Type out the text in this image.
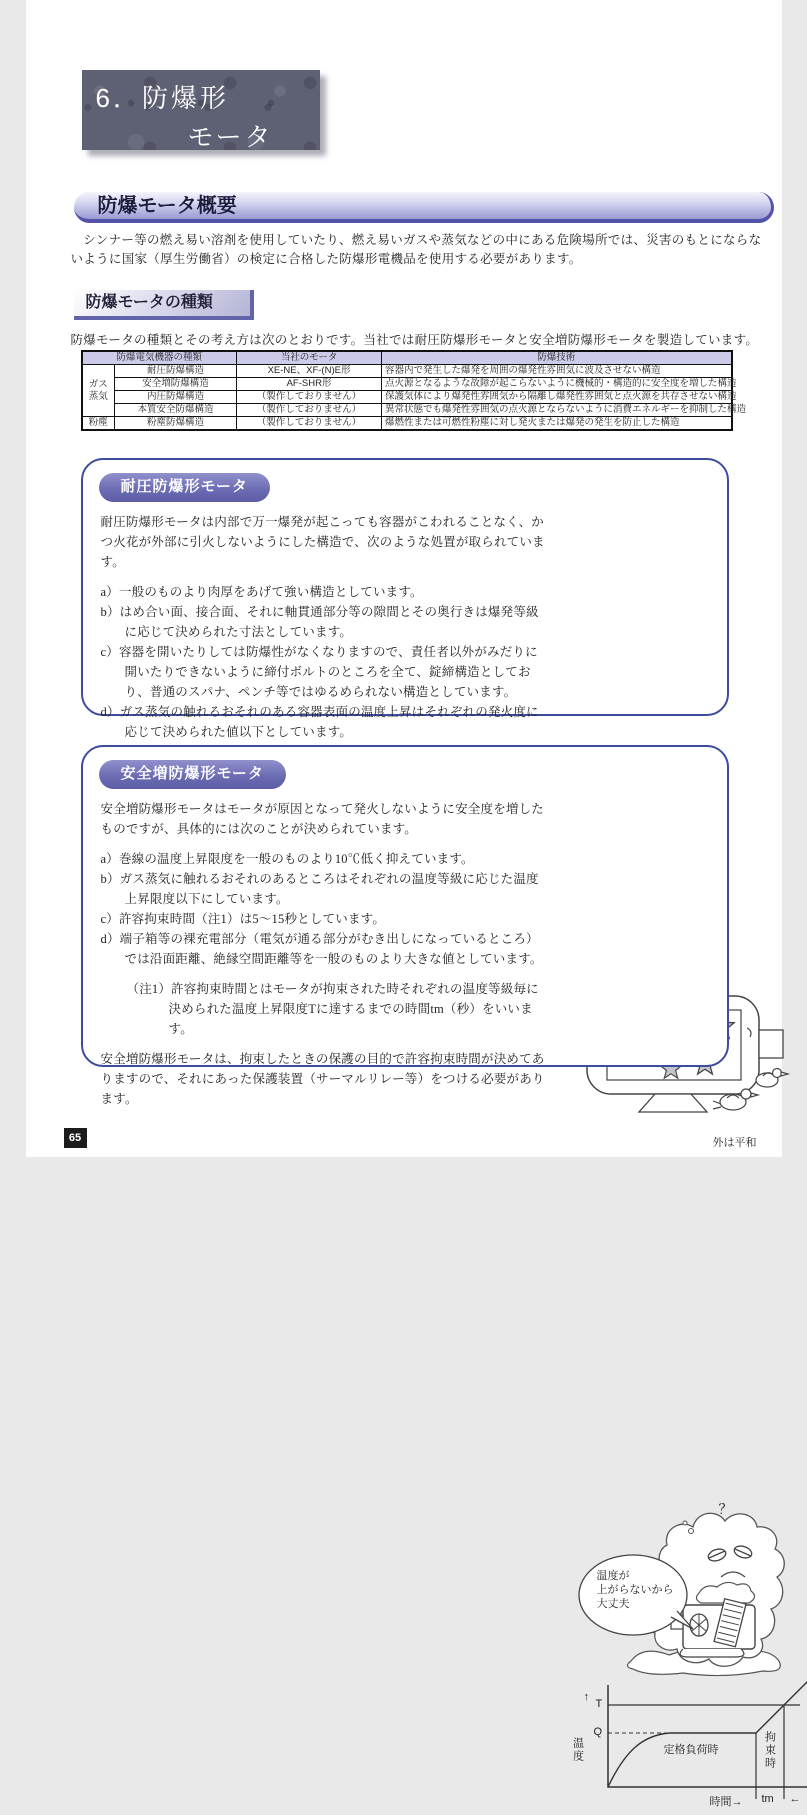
6．防爆形
モータ
防爆モータ概要
　シンナー等の燃え易い溶剤を使用していたり、燃え易いガスや蒸気などの中にある危険場所では、災害のもとにならないように国家（厚生労働省）の検定に合格した防爆形電機品を使用する必要があります。
防爆モータの種類
防爆モータの種類とその考え方は次のとおりです。当社では耐圧防爆形モータと安全増防爆形モータを製造しています。
防爆電気機器の種類		当社のモータ	防爆技術
ガス蒸気	耐圧防爆構造	XE-NE、XF-(N)E形	容器内で発生した爆発を周囲の爆発性雰囲気に波及させない構造
	安全増防爆構造	AF-SHR形	点火源となるような故障が起こらないように機械的・構造的に安全度を増した構造
	内圧防爆構造	（製作しておりません）	保護気体により爆発性雰囲気から隔離し爆発性雰囲気と点火源を共存させない構造
	本質安全防爆構造	（製作しておりません）	異常状態でも爆発性雰囲気の点火源とならないように消費エネルギーを抑制した構造
粉塵	粉塵防爆構造	（製作しておりません）	爆燃性または可燃性粉塵に対し発火または爆発の発生を防止した構造
耐圧防爆形モータ

耐圧防爆形モータは内部で万一爆発が起こっても容器がこわれることなく、かつ火花が外部に引火しないようにした構造で、次のような処置が取られています。

a）一般のものより肉厚をあげて強い構造としています。
b）はめ合い面、接合面、それに軸貫通部分等の隙間とその奥行きは爆発等級に応じて決められた寸法としています。
c）容器を開いたりしては防爆性がなくなりますので、責任者以外がみだりに開いたりできないように締付ボルトのところを全て、錠締構造としており、普通のスパナ、ペンチ等ではゆるめられない構造としています。
d）ガス蒸気の触れるおそれのある容器表面の温度上昇はそれぞれの発火度に応じて決められた値以下としています。
外は平和
安全増防爆形モータ

安全増防爆形モータはモータが原因となって発火しないように安全度を増したものですが、具体的には次のことが決められています。

a）巻線の温度上昇限度を一般のものより10℃低く抑えています。
b）ガス蒸気に触れるおそれのあるところはそれぞれの温度等級に応じた温度上昇限度以下にしています。
c）許容拘束時間（注1）は5～15秒としています。
d）端子箱等の裸充電部分（電気が通る部分がむき出しになっているところ）では沿面距離、絶縁空間距離等を一般のものより大きな値としています。
（注1）許容拘束時間とはモータが拘束された時それぞれの温度等級毎に決められた温度上昇限度Tに達するまでの時間tm（秒）をいいます。

安全増防爆形モータは、拘束したときの保護の目的で許容拘束時間が決めてありますので、それにあった保護装置（サーマルリレー等）をつける必要があります。

？
温度が
上がらないから
大丈夫
↑
T
Q
温度	定格負荷時	拘束時
時間→ tm ←
65
